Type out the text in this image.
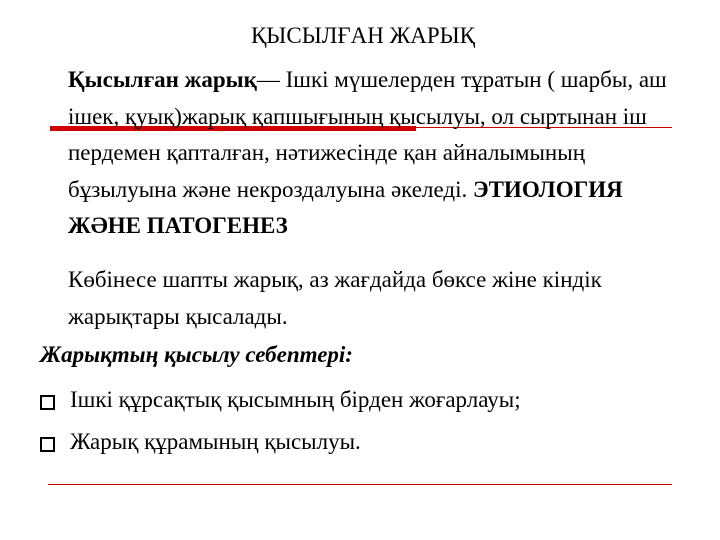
ҚЫСЫЛҒАН ЖАРЫҚ

Қысылған жарық— Ішкі мүшелерден тұратын ( шарбы, аш ішек, қуық)жарық қапшығының қысылуы, ол сыртынан іш пердемен қапталған, нәтижесінде қан айналымының бұзылуына және некроздалуына әкеледі. ЭТИОЛОГИЯ ЖӘНЕ ПАТОГЕНЕЗ

Көбінесе шапты жарық, аз жағдайда бөксе жіне кіндік жарықтары қысалады.

Жарықтың қысылу себептері:

Ішкі құрсақтық қысымның бірден жоғарлауы;
Жарық құрамының қысылуы.
